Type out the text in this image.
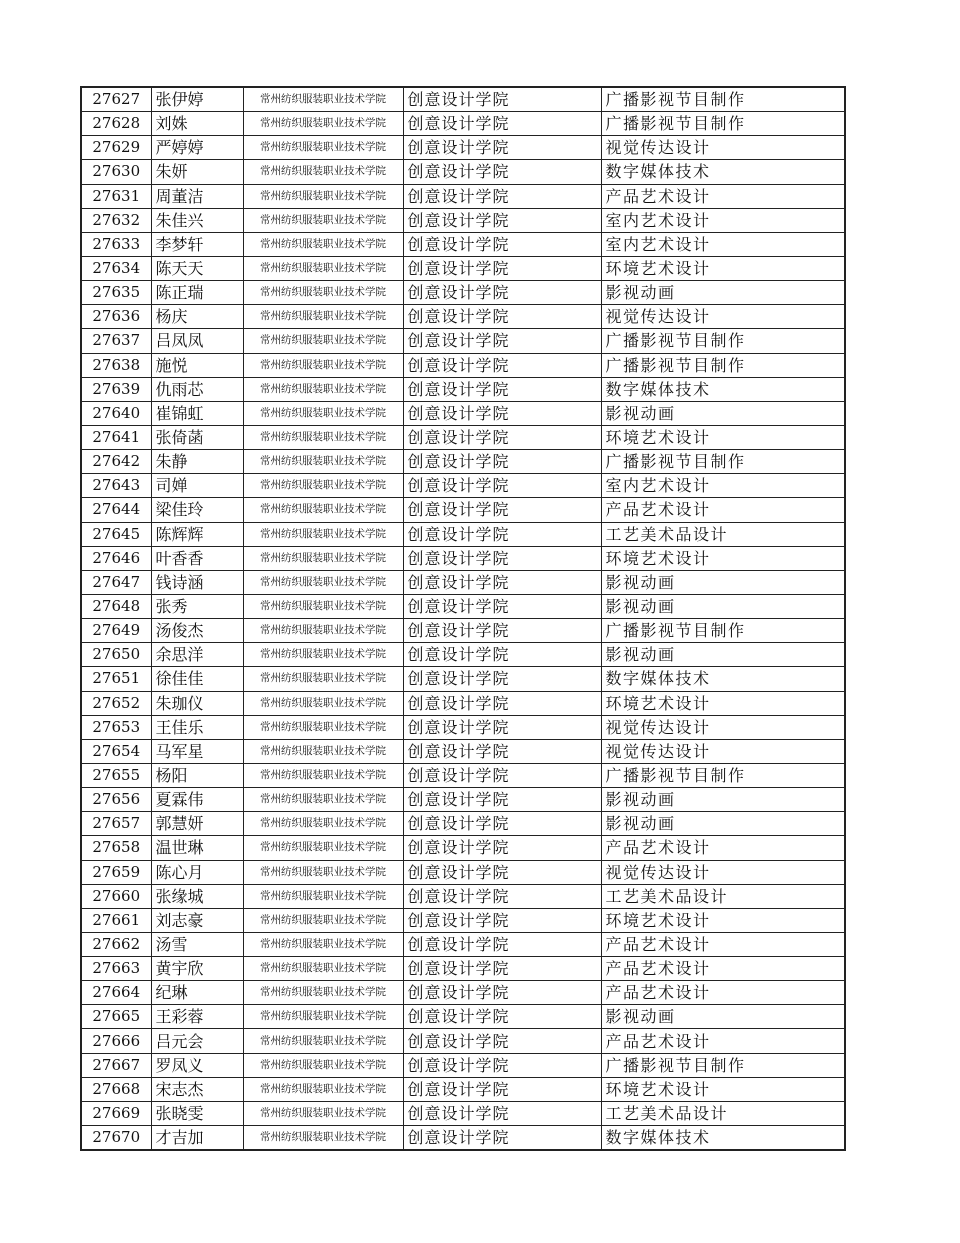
27627	张伊婷	常州纺织服装职业技术学院	创意设计学院	广播影视节目制作
27628	刘姝	常州纺织服装职业技术学院	创意设计学院	广播影视节目制作
27629	严婷婷	常州纺织服装职业技术学院	创意设计学院	视觉传达设计
27630	朱妍	常州纺织服装职业技术学院	创意设计学院	数字媒体技术
27631	周董洁	常州纺织服装职业技术学院	创意设计学院	产品艺术设计
27632	朱佳兴	常州纺织服装职业技术学院	创意设计学院	室内艺术设计
27633	李梦轩	常州纺织服装职业技术学院	创意设计学院	室内艺术设计
27634	陈天天	常州纺织服装职业技术学院	创意设计学院	环境艺术设计
27635	陈正瑞	常州纺织服装职业技术学院	创意设计学院	影视动画
27636	杨庆	常州纺织服装职业技术学院	创意设计学院	视觉传达设计
27637	吕凤凤	常州纺织服装职业技术学院	创意设计学院	广播影视节目制作
27638	施悦	常州纺织服装职业技术学院	创意设计学院	广播影视节目制作
27639	仇雨芯	常州纺织服装职业技术学院	创意设计学院	数字媒体技术
27640	崔锦虹	常州纺织服装职业技术学院	创意设计学院	影视动画
27641	张倚菡	常州纺织服装职业技术学院	创意设计学院	环境艺术设计
27642	朱静	常州纺织服装职业技术学院	创意设计学院	广播影视节目制作
27643	司婵	常州纺织服装职业技术学院	创意设计学院	室内艺术设计
27644	梁佳玲	常州纺织服装职业技术学院	创意设计学院	产品艺术设计
27645	陈辉辉	常州纺织服装职业技术学院	创意设计学院	工艺美术品设计
27646	叶香香	常州纺织服装职业技术学院	创意设计学院	环境艺术设计
27647	钱诗涵	常州纺织服装职业技术学院	创意设计学院	影视动画
27648	张秀	常州纺织服装职业技术学院	创意设计学院	影视动画
27649	汤俊杰	常州纺织服装职业技术学院	创意设计学院	广播影视节目制作
27650	余思洋	常州纺织服装职业技术学院	创意设计学院	影视动画
27651	徐佳佳	常州纺织服装职业技术学院	创意设计学院	数字媒体技术
27652	朱珈仪	常州纺织服装职业技术学院	创意设计学院	环境艺术设计
27653	王佳乐	常州纺织服装职业技术学院	创意设计学院	视觉传达设计
27654	马军星	常州纺织服装职业技术学院	创意设计学院	视觉传达设计
27655	杨阳	常州纺织服装职业技术学院	创意设计学院	广播影视节目制作
27656	夏霖伟	常州纺织服装职业技术学院	创意设计学院	影视动画
27657	郭慧妍	常州纺织服装职业技术学院	创意设计学院	影视动画
27658	温世琳	常州纺织服装职业技术学院	创意设计学院	产品艺术设计
27659	陈心月	常州纺织服装职业技术学院	创意设计学院	视觉传达设计
27660	张缘城	常州纺织服装职业技术学院	创意设计学院	工艺美术品设计
27661	刘志豪	常州纺织服装职业技术学院	创意设计学院	环境艺术设计
27662	汤雪	常州纺织服装职业技术学院	创意设计学院	产品艺术设计
27663	黄宇欣	常州纺织服装职业技术学院	创意设计学院	产品艺术设计
27664	纪琳	常州纺织服装职业技术学院	创意设计学院	产品艺术设计
27665	王彩蓉	常州纺织服装职业技术学院	创意设计学院	影视动画
27666	吕元会	常州纺织服装职业技术学院	创意设计学院	产品艺术设计
27667	罗凤义	常州纺织服装职业技术学院	创意设计学院	广播影视节目制作
27668	宋志杰	常州纺织服装职业技术学院	创意设计学院	环境艺术设计
27669	张晓雯	常州纺织服装职业技术学院	创意设计学院	工艺美术品设计
27670	才吉加	常州纺织服装职业技术学院	创意设计学院	数字媒体技术
